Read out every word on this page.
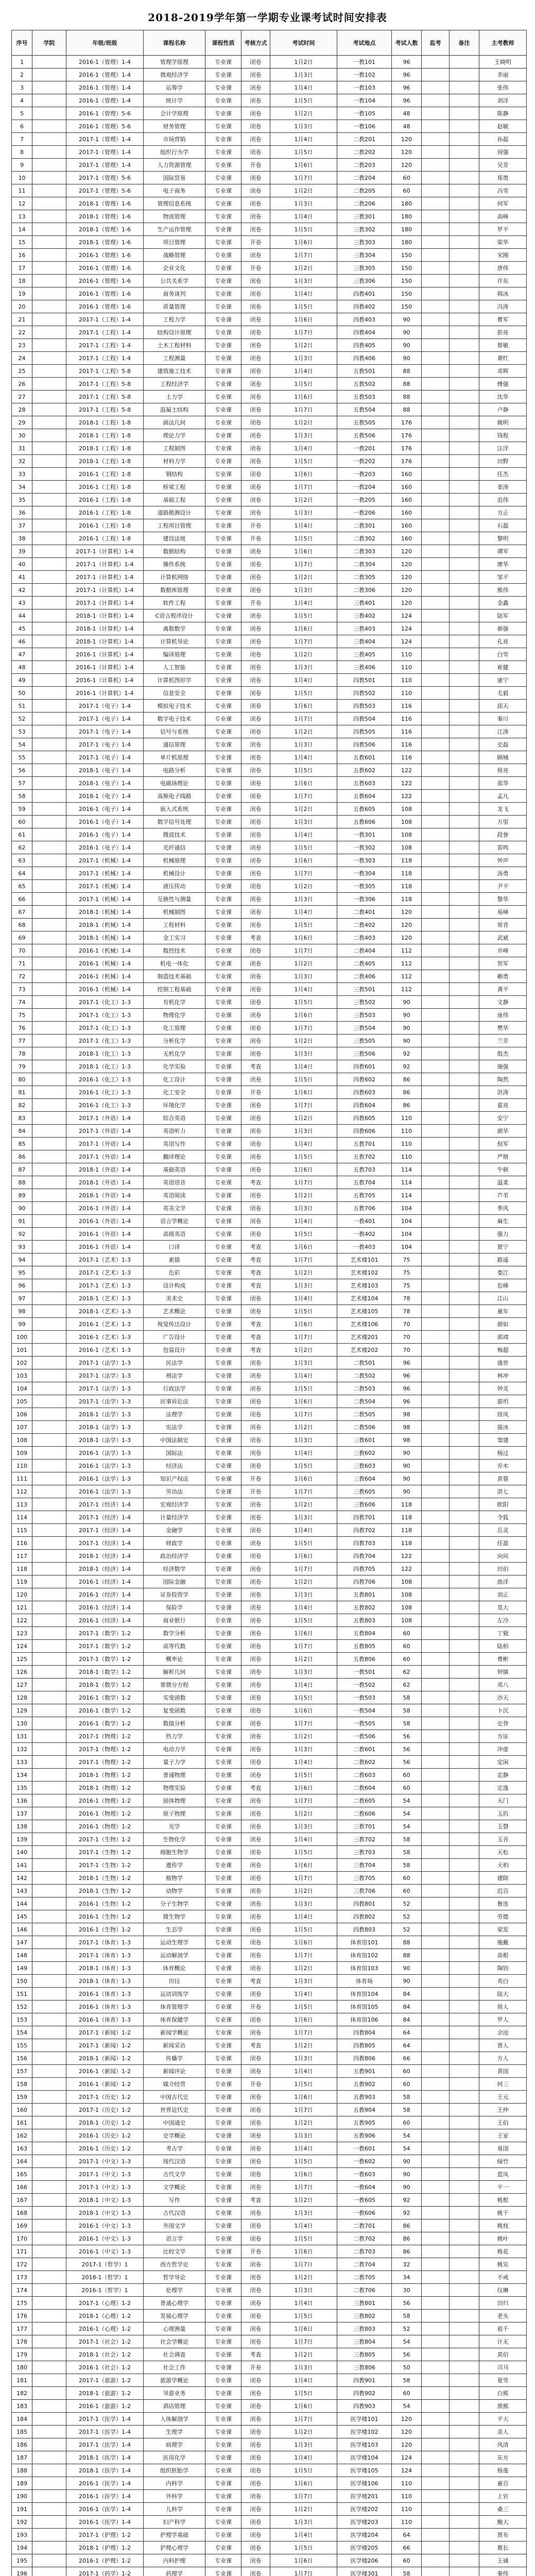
2018-2019学年第一学期专业课考试时间安排表
序号	学院	年级/班级	课程名称	课程性质	考核方式	考试时间	考试地点	考试人数	监考	备注	主考教师
1		2016-1（管理）1-4	管理学原理	专业课	闭卷	1月2日	一教101	96			王晓明
2		2016-1（管理）1-4	微观经济学	专业课	闭卷	1月3日	一教102	96			李丽
3		2016-1（管理）1-4	运筹学	专业课	闭卷	1月4日	一教103	96			张伟
4		2016-1（管理）1-4	统计学	专业课	闭卷	1月5日	一教104	96			刘洋
5		2016-1（管理）5-6	会计学原理	专业课	闭卷	1月2日	一教105	48			陈静
6		2016-1（管理）5-6	财务管理	专业课	闭卷	1月3日	一教106	48			赵敏
7		2017-1（管理）1-4	市场营销	专业课	闭卷	1月4日	二教201	120			孙磊
8		2017-1（管理）1-4	组织行为学	专业课	闭卷	1月5日	二教202	120			周强
9		2017-1（管理）1-4	人力资源管理	专业课	开卷	1月6日	二教203	120			吴芳
10		2017-1（管理）5-6	国际贸易	专业课	闭卷	1月7日	二教204	60			郑勇
11		2017-1（管理）5-6	电子商务	专业课	闭卷	1月2日	二教205	60			冯雪
12		2018-1（管理）1-6	管理信息系统	专业课	闭卷	1月3日	二教206	180			何军
13		2018-1（管理）1-6	物流管理	专业课	闭卷	1月4日	三教301	180			高峰
14		2018-1（管理）1-6	生产运作管理	专业课	闭卷	1月5日	三教302	180			罗平
15		2018-1（管理）1-6	项目管理	专业课	开卷	1月6日	三教303	180			梁华
16		2016-1（管理）1-6	战略管理	专业课	闭卷	1月7日	三教304	150			宋刚
17		2016-1（管理）1-6	企业文化	专业课	开卷	1月2日	三教305	150			唐伟
18		2016-1（管理）1-6	公共关系学	专业课	闭卷	1月3日	三教306	150			许东
19		2016-1（管理）1-6	商务谈判	专业课	闭卷	1月4日	四教401	150			韩冰
20		2016-1（管理）1-6	质量管理	专业课	闭卷	1月5日	四教402	150			冯涛
21		2017-1（工程）1-4	工程力学	专业课	闭卷	1月6日	四教403	90			曹军
22		2017-1（工程）1-4	结构设计原理	专业课	闭卷	1月7日	四教404	90			彭亮
23		2017-1（工程）1-4	土木工程材料	专业课	闭卷	1月2日	四教405	90			曾敏
24		2017-1（工程）1-4	工程测量	专业课	闭卷	1月3日	四教406	90			萧红
25		2017-1（工程）5-8	建筑施工技术	专业课	闭卷	1月4日	五教501	88			邓辉
26		2017-1（工程）5-8	工程经济学	专业课	闭卷	1月5日	五教502	88			傅强
27		2017-1（工程）5-8	土力学	专业课	闭卷	1月6日	五教503	88			沈华
28		2017-1（工程）5-8	混凝土结构	专业课	闭卷	1月7日	五教504	88			卢静
29		2018-1（工程）1-8	画法几何	专业课	闭卷	1月2日	五教505	176			姚明
30		2018-1（工程）1-8	理论力学	专业课	闭卷	1月3日	五教506	176			钱程
31		2018-1（工程）1-8	工程制图	专业课	闭卷	1月4日	一教201	176			汪洋
32		2018-1（工程）1-8	材料力学	专业课	闭卷	1月5日	一教202	176			田野
33		2016-1（工程）1-8	钢结构	专业课	闭卷	1月6日	一教203	160			任杰
34		2016-1（工程）1-8	桥梁工程	专业课	闭卷	1月7日	一教204	160			姜涛
35		2016-1（工程）1-8	基础工程	专业课	闭卷	1月2日	一教205	160			范伟
36		2016-1（工程）1-8	道路勘测设计	专业课	闭卷	1月3日	一教206	160			方正
37		2016-1（工程）1-8	工程项目管理	专业课	开卷	1月4日	二教301	160			石磊
38		2016-1（工程）1-8	建设法规	专业课	开卷	1月5日	二教302	160			黎明
39		2017-1（计算机）1-4	数据结构	专业课	闭卷	1月6日	二教303	120			谭军
40		2017-1（计算机）1-4	操作系统	专业课	闭卷	1月7日	二教304	120			廖华
41		2017-1（计算机）1-4	计算机网络	专业课	闭卷	1月2日	二教305	120			邹平
42		2017-1（计算机）1-4	数据库原理	专业课	闭卷	1月3日	二教306	120			熊伟
43		2017-1（计算机）1-4	软件工程	专业课	开卷	1月4日	三教401	120			金鑫
44		2018-1（计算机）1-4	C语言程序设计	专业课	闭卷	1月5日	三教402	124			陆军
45		2018-1（计算机）1-4	离散数学	专业课	闭卷	1月6日	三教403	124			郝强
46		2018-1（计算机）1-4	计算机导论	专业课	闭卷	1月7日	三教404	124			孔亮
47		2016-1（计算机）1-4	编译原理	专业课	闭卷	1月2日	三教405	110			白雪
48		2016-1（计算机）1-4	人工智能	专业课	闭卷	1月3日	三教406	110			崔健
49		2016-1（计算机）1-4	计算机图形学	专业课	闭卷	1月4日	四教501	110			康宁
50		2016-1（计算机）1-4	信息安全	专业课	闭卷	1月5日	四教502	110			毛毅
51		2017-1（电子）1-4	模拟电子技术	专业课	闭卷	1月6日	四教503	116			邱天
52		2017-1（电子）1-4	数字电子技术	专业课	闭卷	1月7日	四教504	116			秦川
53		2017-1（电子）1-4	信号与系统	专业课	闭卷	1月2日	四教505	116			江涛
54		2017-1（电子）1-4	通信原理	专业课	闭卷	1月3日	四教506	116			史磊
55		2017-1（电子）1-4	单片机原理	专业课	闭卷	1月4日	五教601	116			顾城
56		2018-1（电子）1-4	电路分析	专业课	闭卷	1月5日	五教602	122			侯亮
57		2018-1（电子）1-4	电磁场理论	专业课	闭卷	1月6日	五教603	122			邵华
58		2018-1（电子）1-4	高频电子线路	专业课	闭卷	1月7日	五教604	122			孟凡
59		2016-1（电子）1-4	嵌入式系统	专业课	闭卷	1月2日	五教605	108			龙飞
60		2016-1（电子）1-4	数字信号处理	专业课	闭卷	1月3日	五教606	108			万里
61		2016-1（电子）1-4	微波技术	专业课	闭卷	1月4日	一教301	108			段誉
62		2016-1（电子）1-4	光纤通信	专业课	闭卷	1月5日	一教302	108			雷鸣
63		2017-1（机械）1-4	机械原理	专业课	闭卷	1月6日	一教303	118			钟声
64		2017-1（机械）1-4	机械设计	专业课	闭卷	1月7日	一教304	118			汤勇
65		2017-1（机械）1-4	液压传动	专业课	闭卷	1月2日	一教305	118			尹平
66		2017-1（机械）1-4	互换性与测量	专业课	闭卷	1月3日	一教306	118			黎华
67		2018-1（机械）1-4	机械制图	专业课	闭卷	1月4日	二教401	120			易峰
68		2018-1（机械）1-4	工程材料	专业课	闭卷	1月5日	二教402	120			常青
69		2018-1（机械）1-4	金工实习	专业课	考查	1月6日	二教403	120			武斌
70		2016-1（机械）1-4	数控技术	专业课	闭卷	1月7日	二教404	112			乔峰
71		2016-1（机械）1-4	机电一体化	专业课	闭卷	1月2日	二教405	112			贺军
72		2016-1（机械）1-4	制造技术基础	专业课	闭卷	1月3日	二教406	112			赖勇
73		2016-1（机械）1-4	控制工程基础	专业课	闭卷	1月4日	三教501	112			龚平
74		2017-1（化工）1-3	有机化学	专业课	闭卷	1月5日	三教502	90			文静
75		2017-1（化工）1-3	物理化学	专业课	闭卷	1月6日	三教503	90			庞伟
76		2017-1（化工）1-3	化工原理	专业课	闭卷	1月7日	三教504	90			樊华
77		2017-1（化工）1-3	分析化学	专业课	闭卷	1月2日	三教505	90			兰芳
78		2018-1（化工）1-3	无机化学	专业课	闭卷	1月3日	三教506	92			殷杰
79		2018-1（化工）1-3	化学实验	专业课	考查	1月4日	四教601	92			施强
80		2016-1（化工）1-3	化工设计	专业课	闭卷	1月5日	四教602	86			陶然
81		2016-1（化工）1-3	化工安全	专业课	开卷	1月6日	四教603	86			洪涛
82		2016-1（化工）1-3	环境化学	专业课	闭卷	1月7日	四教604	86			翟亮
83		2017-1（外语）1-4	综合英语	专业课	闭卷	1月2日	四教605	110			安宁
84		2017-1（外语）1-4	英语听力	专业课	闭卷	1月3日	四教606	110			颜华
85		2017-1（外语）1-4	英语写作	专业课	闭卷	1月4日	五教701	110			倪军
86		2017-1（外语）1-4	翻译理论	专业课	闭卷	1月5日	五教702	110			严格
87		2018-1（外语）1-4	基础英语	专业课	闭卷	1月6日	五教703	114			牛顿
88		2018-1（外语）1-4	英语语音	专业课	考查	1月7日	五教704	114			温柔
89		2018-1（外语）1-4	英语阅读	专业课	闭卷	1月2日	五教705	114			芦苇
90		2016-1（外语）1-4	英美文学	专业课	闭卷	1月3日	五教706	104			季风
91		2016-1（外语）1-4	语言学概论	专业课	闭卷	1月4日	一教401	104			麻生
92		2016-1（外语）1-4	高级英语	专业课	闭卷	1月5日	一教402	104			强力
93		2016-1（外语）1-4	口译	专业课	考查	1月6日	一教403	104			贾宁
94		2017-1（艺术）1-3	素描	专业课	考查	1月7日	艺术楼101	75			路遥
95		2017-1（艺术）1-3	色彩	专业课	考查	1月2日	艺术楼102	75			娄江
96		2017-1（艺术）1-3	设计构成	专业课	考查	1月3日	艺术楼103	75			危峰
97		2018-1（艺术）1-3	美术史	专业课	闭卷	1月4日	艺术楼104	78			江山
98		2018-1（艺术）1-3	艺术概论	专业课	闭卷	1月5日	艺术楼105	78			童年
99		2016-1（艺术）1-3	视觉传达设计	专业课	考查	1月6日	艺术楼106	70			颜如
100		2016-1（艺术）1-3	广告设计	专业课	考查	1月7日	艺术楼201	70			郭靖
101		2016-1（艺术）1-3	包装设计	专业课	考查	1月2日	艺术楼202	70			梅超
102		2017-1（法学）1-3	民法学	专业课	闭卷	1月3日	二教501	96			盛世
103		2017-1（法学）1-3	刑法学	专业课	闭卷	1月4日	二教502	96			林冲
104		2017-1（法学）1-3	行政法学	专业课	闭卷	1月5日	二教503	96			钟灵
105		2017-1（法学）1-3	民事诉讼法	专业课	闭卷	1月6日	二教504	96			游坦
106		2018-1（法学）1-3	法理学	专业课	闭卷	1月7日	二教505	98			徐凤
107		2018-1（法学）1-3	宪法学	专业课	闭卷	1月2日	二教506	98			骆冰
108		2018-1（法学）1-3	中国法制史	专业课	闭卷	1月3日	三教601	98			窦建
109		2016-1（法学）1-3	国际法	专业课	闭卷	1月4日	三教602	90			杨过
110		2016-1（法学）1-3	经济法	专业课	闭卷	1月5日	三教603	90			乔木
111		2016-1（法学）1-3	知识产权法	专业课	开卷	1月6日	三教604	90			黄蓉
112		2016-1（法学）1-3	劳动法	专业课	开卷	1月7日	三教605	90			洪七
113		2017-1（经济）1-4	宏观经济学	专业课	闭卷	1月2日	三教606	118			欧阳
114		2017-1（经济）1-4	计量经济学	专业课	闭卷	1月3日	四教701	118			令狐
115		2017-1（经济）1-4	金融学	专业课	闭卷	1月4日	四教702	118			岳灵
116		2017-1（经济）1-4	财政学	专业课	闭卷	1月5日	四教703	118			任盈
117		2018-1（经济）1-4	政治经济学	专业课	闭卷	1月6日	四教704	122			向问
118		2018-1（经济）1-4	经济数学	专业课	闭卷	1月7日	四教705	122			田伯
119		2016-1（经济）1-4	国际金融	专业课	闭卷	1月2日	四教706	108			曲洋
120		2016-1（经济）1-4	证券投资学	专业课	闭卷	1月3日	五教801	108			刘正
121		2016-1（经济）1-4	保险学	专业课	闭卷	1月4日	五教802	108			莫大
122		2016-1（经济）1-4	商业银行	专业课	闭卷	1月5日	五教803	108			左冷
123		2017-1（数学）1-2	数学分析	专业课	闭卷	1月6日	五教804	60			丁勉
124		2017-1（数学）1-2	高等代数	专业课	闭卷	1月7日	五教805	60			陆柏
125		2017-1（数学）1-2	概率论	专业课	闭卷	1月2日	五教806	60			费彬
126		2018-1（数学）1-2	解析几何	专业课	闭卷	1月3日	一教501	62			钟镇
127		2018-1（数学）1-2	常微分方程	专业课	闭卷	1月4日	一教502	62			邓八
128		2016-1（数学）1-2	实变函数	专业课	闭卷	1月5日	一教503	58			沙天
129		2016-1（数学）1-2	复变函数	专业课	闭卷	1月6日	一教504	58			卜沉
130		2016-1（数学）1-2	数值分析	专业课	闭卷	1月7日	一教505	58			史登
131		2017-1（物理）1-2	热力学	专业课	闭卷	1月2日	一教506	56			方证
132		2017-1（物理）1-2	电动力学	专业课	闭卷	1月3日	二教601	56			冲虚
133		2017-1（物理）1-2	量子力学	专业课	闭卷	1月4日	二教602	56			定闲
134		2018-1（物理）1-2	普通物理	专业课	闭卷	1月5日	二教603	60			定静
135		2018-1（物理）1-2	物理实验	专业课	考查	1月6日	二教604	60			定逸
136		2016-1（物理）1-2	固体物理	专业课	闭卷	1月7日	二教605	54			天门
137		2016-1（物理）1-2	原子物理	专业课	闭卷	1月2日	二教606	54			玉玑
138		2016-1（物理）1-2	光学	专业课	闭卷	1月3日	三教701	54			玉磬
139		2017-1（生物）1-2	生物化学	专业课	闭卷	1月4日	三教702	58			玉音
140		2017-1（生物）1-2	细胞生物学	专业课	闭卷	1月5日	三教703	58			天松
141		2017-1（生物）1-2	遗传学	专业课	闭卷	1月6日	三教704	58			天柏
142		2018-1（生物）1-2	植物学	专业课	闭卷	1月7日	三教705	60			建除
143		2018-1（生物）1-2	动物学	专业课	闭卷	1月2日	三教706	60			迟百
144		2016-1（生物）1-2	分子生物学	专业课	闭卷	1月3日	四教801	52			鲁连
145		2016-1（生物）1-2	微生物学	专业课	闭卷	1月4日	四教802	52			劳德
146		2016-1（生物）1-2	生态学	专业课	闭卷	1月5日	四教803	52			梁发
147		2017-1（体育）1-3	运动生理学	专业课	闭卷	1月6日	体育馆101	88			施戴
148		2017-1（体育）1-3	运动解剖学	专业课	闭卷	1月7日	体育馆102	88			高根
149		2018-1（体育）1-3	体育概论	专业课	闭卷	1月2日	体育馆103	90			陶钧
150		2018-1（体育）1-3	田径	专业课	考查	1月3日	体育场	90			英白
151		2016-1（体育）1-3	运动训练学	专业课	闭卷	1月4日	体育馆104	84			陆大
152		2016-1（体育）1-3	体育管理学	专业课	开卷	1月5日	体育馆105	84			侯人
153		2016-1（体育）1-3	体育保健学	专业课	闭卷	1月6日	体育馆106	84			罗人
154		2017-1（新闻）1-2	新闻学概论	专业课	闭卷	1月7日	四教804	64			余沧
155		2017-1（新闻）1-2	新闻采访	专业课	考查	1月2日	四教805	64			贾人
156		2018-1（新闻）1-2	传播学	专业课	闭卷	1月3日	四教806	66			方人
157		2016-1（新闻）1-2	新闻评论	专业课	闭卷	1月4日	五教901	60			黄国
158		2016-1（新闻）1-2	媒介经营	专业课	开卷	1月5日	五教902	60			何三
159		2017-1（历史）1-2	中国古代史	专业课	闭卷	1月6日	五教903	58			王元
160		2017-1（历史）1-2	世界近代史	专业课	闭卷	1月7日	五教904	58			王仲
161		2018-1（历史）1-2	中国通史	专业课	闭卷	1月2日	五教905	60			王伯
162		2016-1（历史）1-2	史学概论	专业课	闭卷	1月3日	五教906	54			王家
163		2016-1（历史）1-2	考古学	专业课	闭卷	1月4日	一教601	54			易国
164		2017-1（中文）1-3	现代汉语	专业课	闭卷	1月5日	一教602	90			绿竹
165		2017-1（中文）1-3	古代文学	专业课	闭卷	1月6日	一教603	90			蓝凤
166		2017-1（中文）1-3	文学概论	专业课	闭卷	1月7日	一教604	90			平一
167		2018-1（中文）1-3	写作	专业课	考查	1月2日	一教605	92			桃根
168		2018-1（中文）1-3	古代汉语	专业课	闭卷	1月3日	一教606	92			桃干
169		2016-1（中文）1-3	外国文学	专业课	闭卷	1月4日	二教701	86			桃枝
170		2016-1（中文）1-3	语言学	专业课	闭卷	1月5日	二教702	86			桃叶
171		2016-1（中文）1-3	比较文学	专业课	开卷	1月6日	二教703	86			桃花
172		2017-1（哲学）1	西方哲学史	专业课	闭卷	1月7日	二教704	32			桃实
173		2018-1（哲学）1	哲学导论	专业课	闭卷	1月2日	二教705	34			不戒
174		2016-1（哲学）1	伦理学	专业课	闭卷	1月3日	二教706	30			仪琳
175		2017-1（心理）1-2	普通心理学	专业课	闭卷	1月4日	三教801	56			田归
176		2018-1（心理）1-2	发展心理学	专业课	闭卷	1月5日	三教802	58			老头
177		2016-1（心理）1-2	心理测量	专业课	闭卷	1月6日	三教803	52			祖千
178		2017-1（社会）1-2	社会学概论	专业课	闭卷	1月7日	三教804	54			计无
179		2018-1（社会）1-2	社会调查	专业课	考查	1月2日	三教805	56			黄伯
180		2016-1（社会）1-2	社会工作	专业课	开卷	1月3日	三教806	50			司马
181		2017-1（旅游）1-2	旅游学概论	专业课	闭卷	1月4日	四教901	58			夏雪
182		2018-1（旅游）1-2	导游业务	专业课	闭卷	1月5日	四教902	60			白熊
183		2016-1（旅游）1-2	酒店管理	专业课	闭卷	1月6日	四教903	54			黑熊
184		2017-1（医学）1-4	人体解剖学	专业课	闭卷	1月7日	医学楼101	120			平大
185		2017-1（医学）1-4	生理学	专业课	闭卷	1月2日	医学楼102	120			杀人
186		2017-1（医学）1-4	病理学	专业课	闭卷	1月3日	医学楼103	120			风清
187		2018-1（医学）1-4	医用化学	专业课	闭卷	1月4日	医学楼104	124			东方
188		2018-1（医学）1-4	组织胚胎学	专业课	闭卷	1月5日	医学楼105	124			杨莲
189		2016-1（医学）1-4	内科学	专业课	闭卷	1月6日	医学楼106	110			童百
190		2016-1（医学）1-4	外科学	专业课	闭卷	1月7日	医学楼201	110			上官
191		2016-1（医学）1-4	儿科学	专业课	闭卷	1月2日	医学楼202	110			桑三
192		2016-1（医学）1-4	妇产科学	专业课	闭卷	1月3日	医学楼203	110			鲍大
193		2017-1（护理）1-2	护理学基础	专业课	闭卷	1月4日	医学楼204	64			贾布
194		2018-1（护理）1-2	护理心理学	专业课	闭卷	1月5日	医学楼205	66			葛长
195		2016-1（护理）1-2	内科护理	专业课	闭卷	1月6日	医学楼206	60			王诚
196		2017-1（药学）1-2	药理学	专业课	闭卷	1月7日	医学楼301	58			秦伟
